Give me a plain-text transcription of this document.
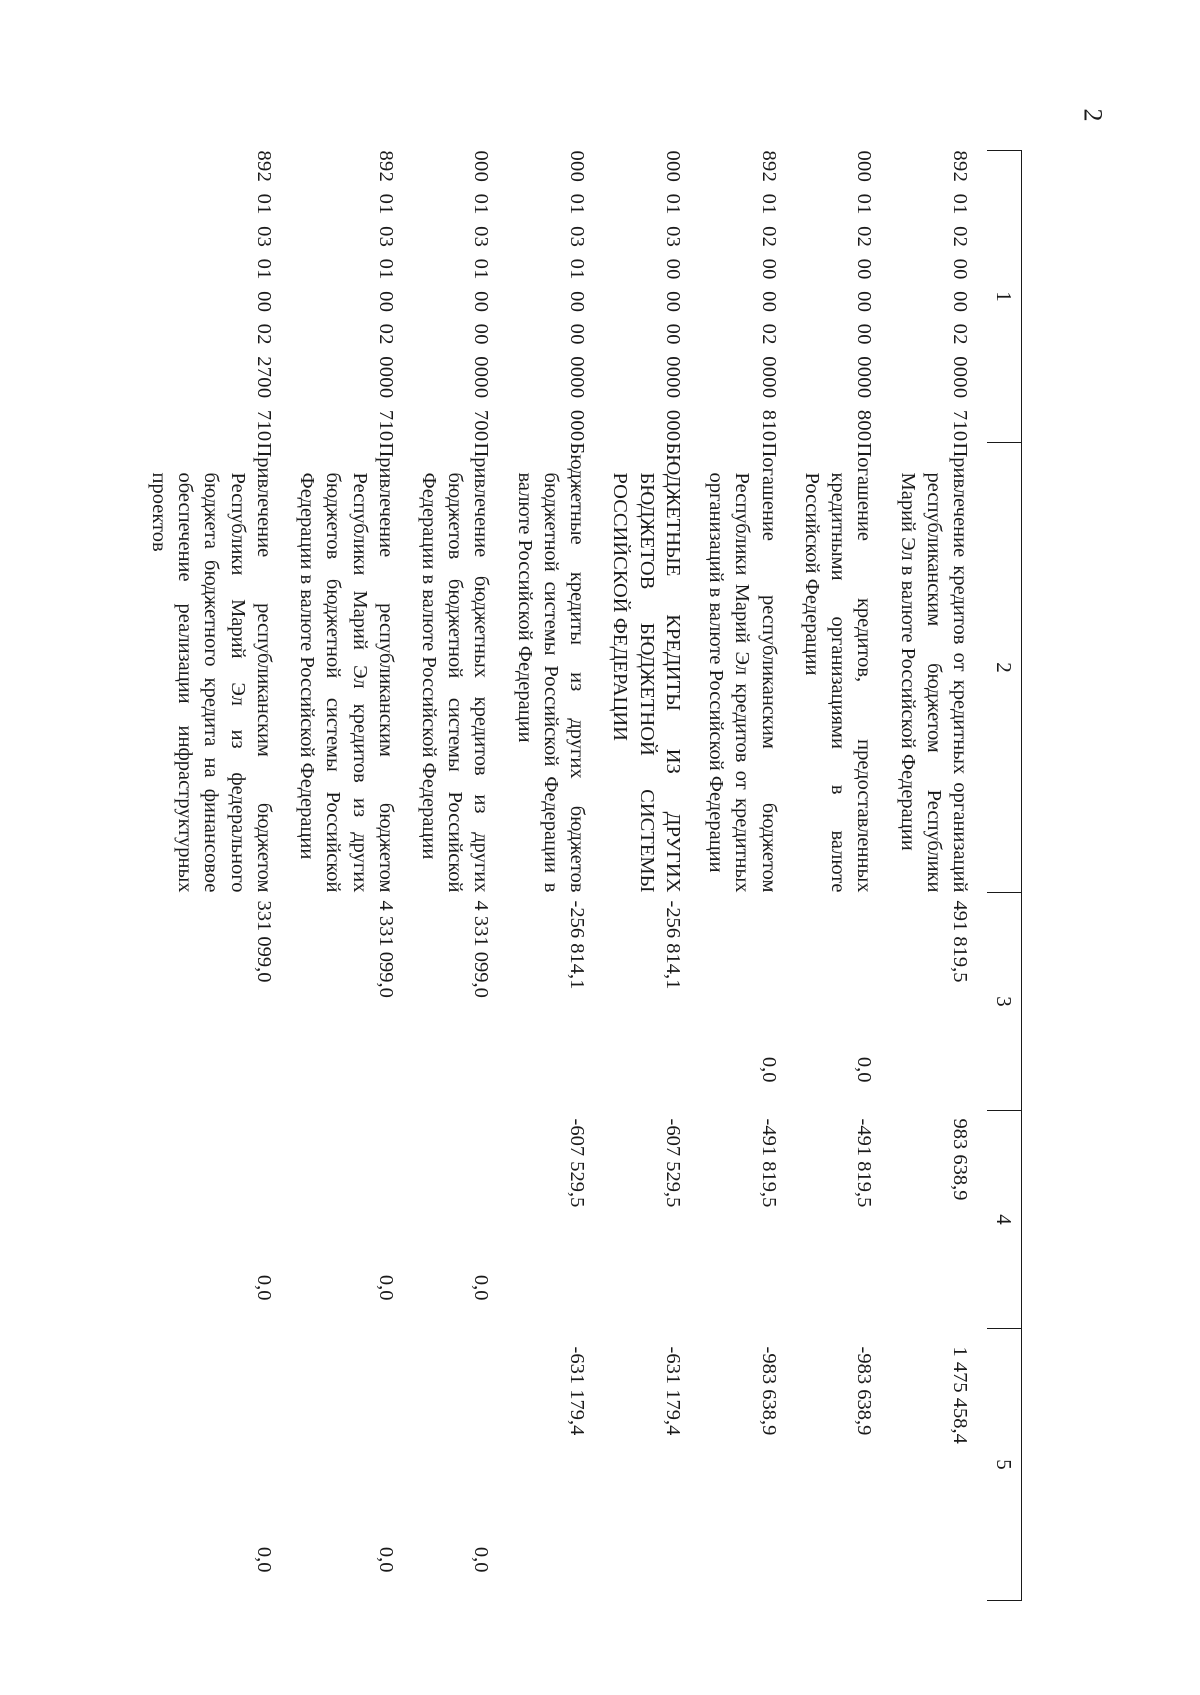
2
1	2	3	4	5
892 01 02 00 00 02 0000 710	Привлечение кредитов от кредитных организаций республиканским бюджетом Республики Марий Эл в валюте Российской Федерации	491 819,5	983 638,9	1 475 458,4
000 01 02 00 00 00 0000 800	Погашение кредитов, предоставленных кредитными организациями в валюте Российской Федерации	0,0	-491 819,5	-983 638,9
892 01 02 00 00 02 0000 810	Погашение республиканским бюджетом Республики Марий Эл кредитов от кредитных организаций в валюте Российской Федерации	0,0	-491 819,5	-983 638,9
000 01 03 00 00 00 0000 000	БЮДЖЕТНЫЕ КРЕДИТЫ ИЗ ДРУГИХ БЮДЖЕТОВ БЮДЖЕТНОЙ СИСТЕМЫ РОССИЙСКОЙ ФЕДЕРАЦИИ	-256 814,1	-607 529,5	-631 179,4
000 01 03 01 00 00 0000 000	Бюджетные кредиты из других бюджетов бюджетной системы Российской Федерации в валюте Российской Федерации	-256 814,1	-607 529,5	-631 179,4
000 01 03 01 00 00 0000 700	Привлечение бюджетных кредитов из других бюджетов бюджетной системы Российской Федерации в валюте Российской Федерации	4 331 099,0	0,0	0,0
892 01 03 01 00 02 0000 710	Привлечение республиканским бюджетом Республики Марий Эл кредитов из других бюджетов бюджетной системы Российской Федерации в валюте Российской Федерации	4 331 099,0	0,0	0,0
892 01 03 01 00 02 2700 710	Привлечение республиканским бюджетом Республики Марий Эл из федерального бюджета бюджетного кредита на финансовое обеспечение реализации инфраструктурных проектов	331 099,0	0,0	0,0
